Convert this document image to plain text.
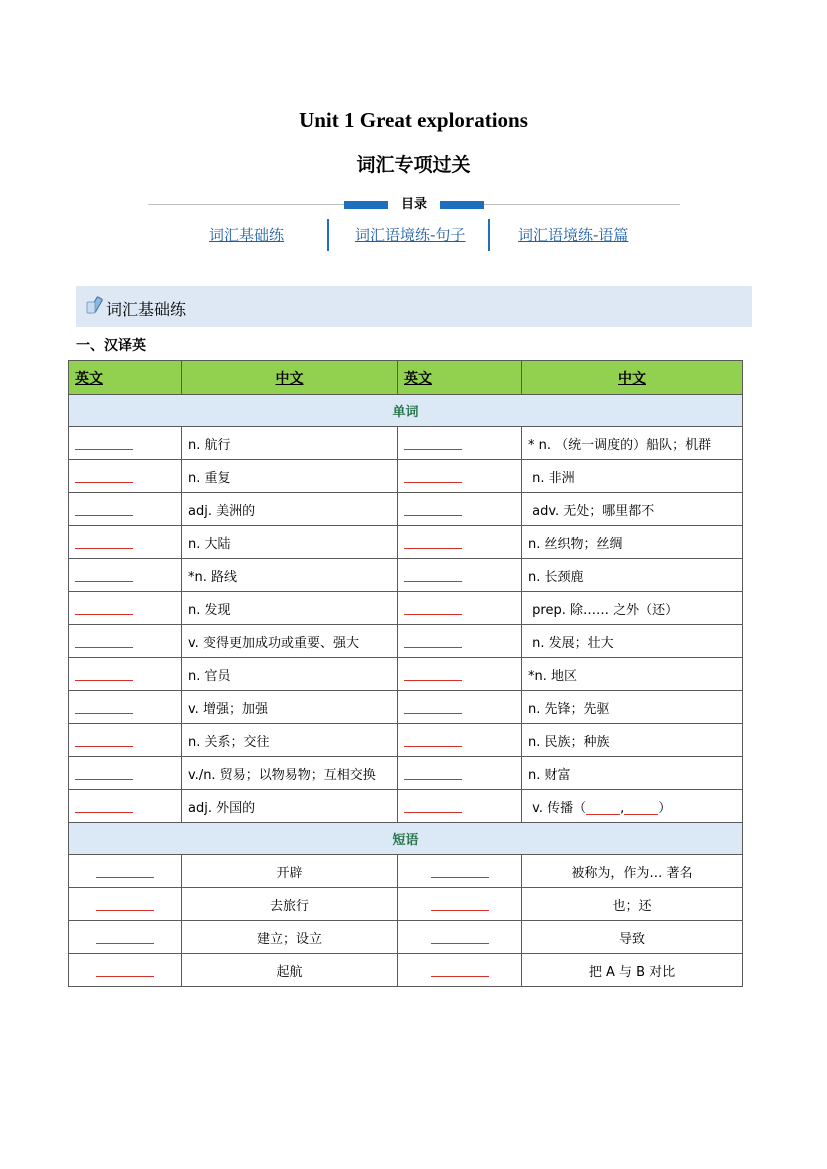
Unit 1 Great explorations
词汇专项过关
目录
词汇基础练	词汇语境练-句子	词汇语境练-语篇
词汇基础练
一、汉译英
英文	中文	英文	中文
单词			
	n. 航行		* n. （统一调度的）船队；机群
	n. 重复		n. 非洲
	adj. 美洲的		adv. 无处；哪里都不
	n. 大陆		n. 丝织物；丝绸
	*n. 路线		n. 长颈鹿
	n. 发现		prep. 除…… 之外（还）
	v. 变得更加成功或重要、强大		n. 发展；壮大
	n. 官员		*n. 地区
	v. 增强；加强		n. 先锋；先驱
	n. 关系；交往		n. 民族；种族
	v./n. 贸易；以物易物；互相交换		n. 财富
	adj. 外国的		v. 传播（ , ）
短语			
	开辟		被称为，作为… 著名
	去旅行		也；还
	建立；设立		导致
	起航		把 A 与 B 对比
